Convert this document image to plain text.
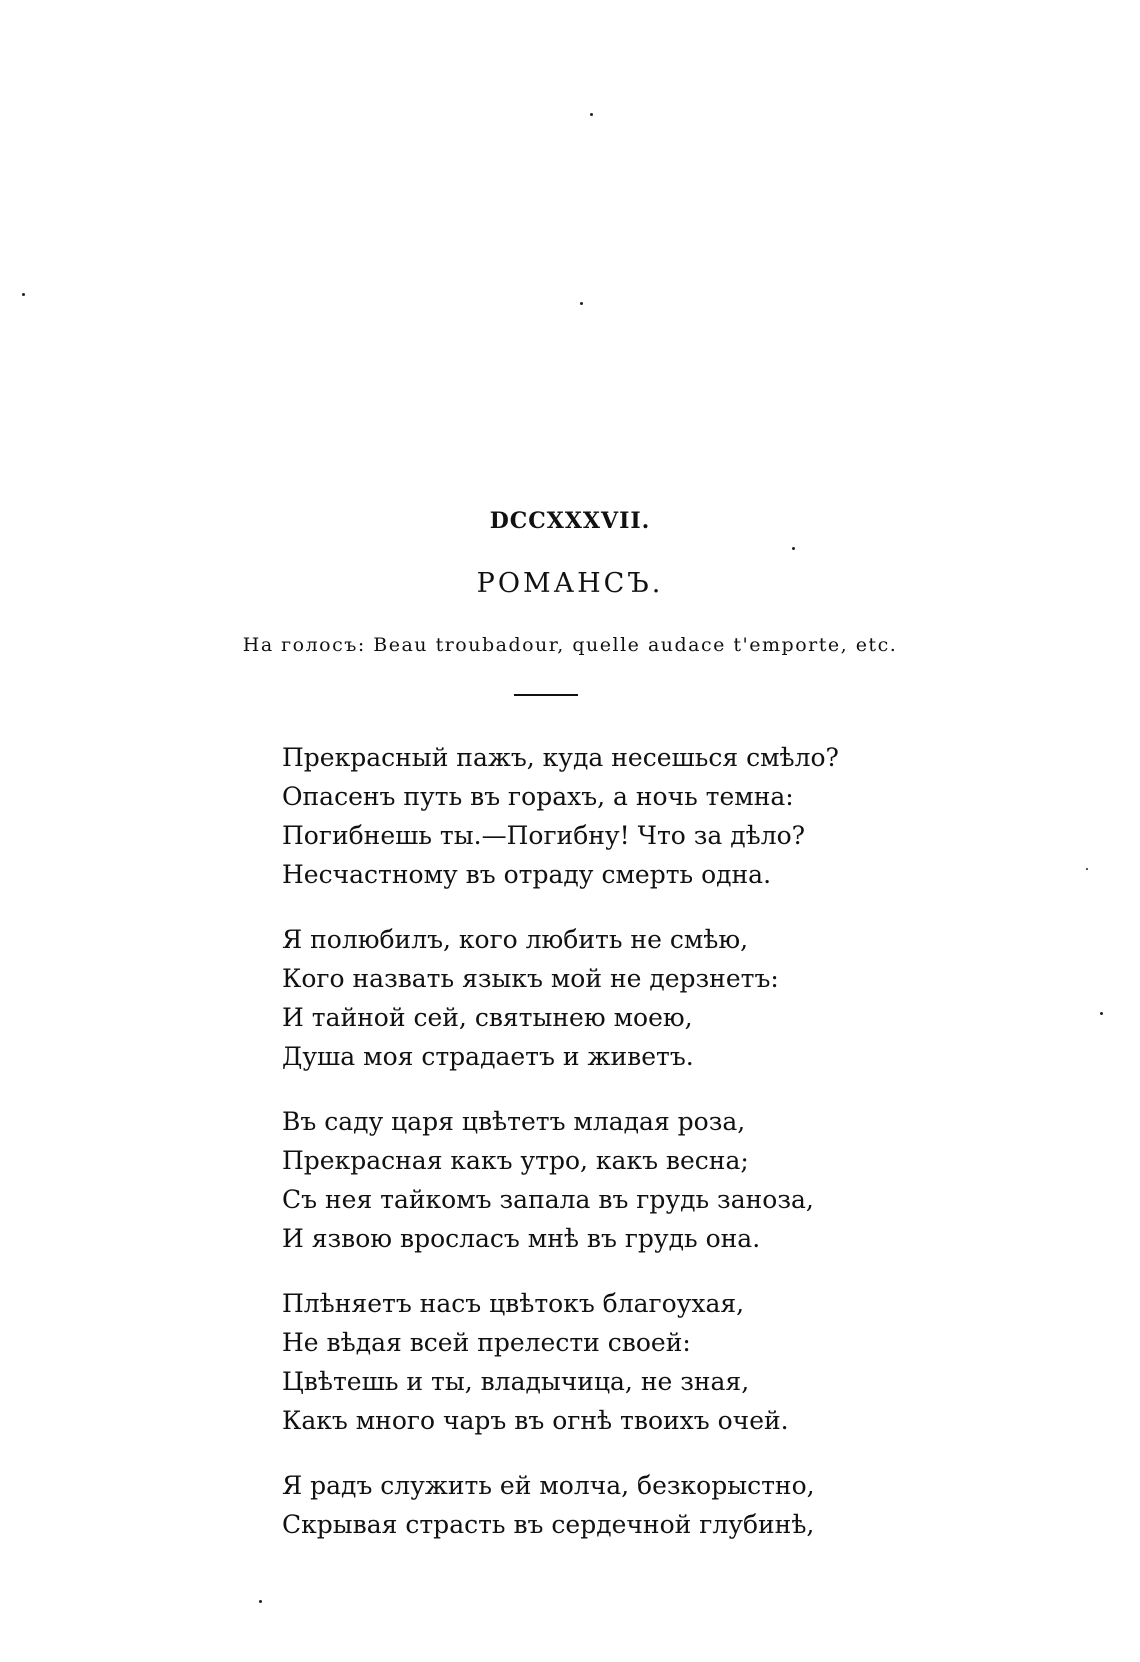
DCCXXXVII.
РОМАНСЪ.
На голосъ: Beau troubadour, quelle audace t'emporte, etc.
Прекрасный пажъ, куда несешься смѣло?
Опасенъ путь въ горахъ, а ночь темна:
Погибнешь ты.—Погибну! Что за дѣло?
Несчастному въ отраду смерть одна.
Я полюбилъ, кого любить не смѣю,
Кого назвать языкъ мой не дерзнетъ:
И тайной сей, святынею моею,
Душа моя страдаетъ и живетъ.
Въ саду царя цвѣтетъ младая роза,
Прекрасная какъ утро, какъ весна;
Съ нея тайкомъ запала въ грудь заноза,
И язвою вросласъ мнѣ въ грудь она.
Плѣняетъ насъ цвѣтокъ благоухая,
Не вѣдая всей прелести своей:
Цвѣтешь и ты, владычица, не зная,
Какъ много чаръ въ огнѣ твоихъ очей.
Я радъ служить ей молча, безкорыстно,
Скрывая страсть въ сердечной глубинѣ,
